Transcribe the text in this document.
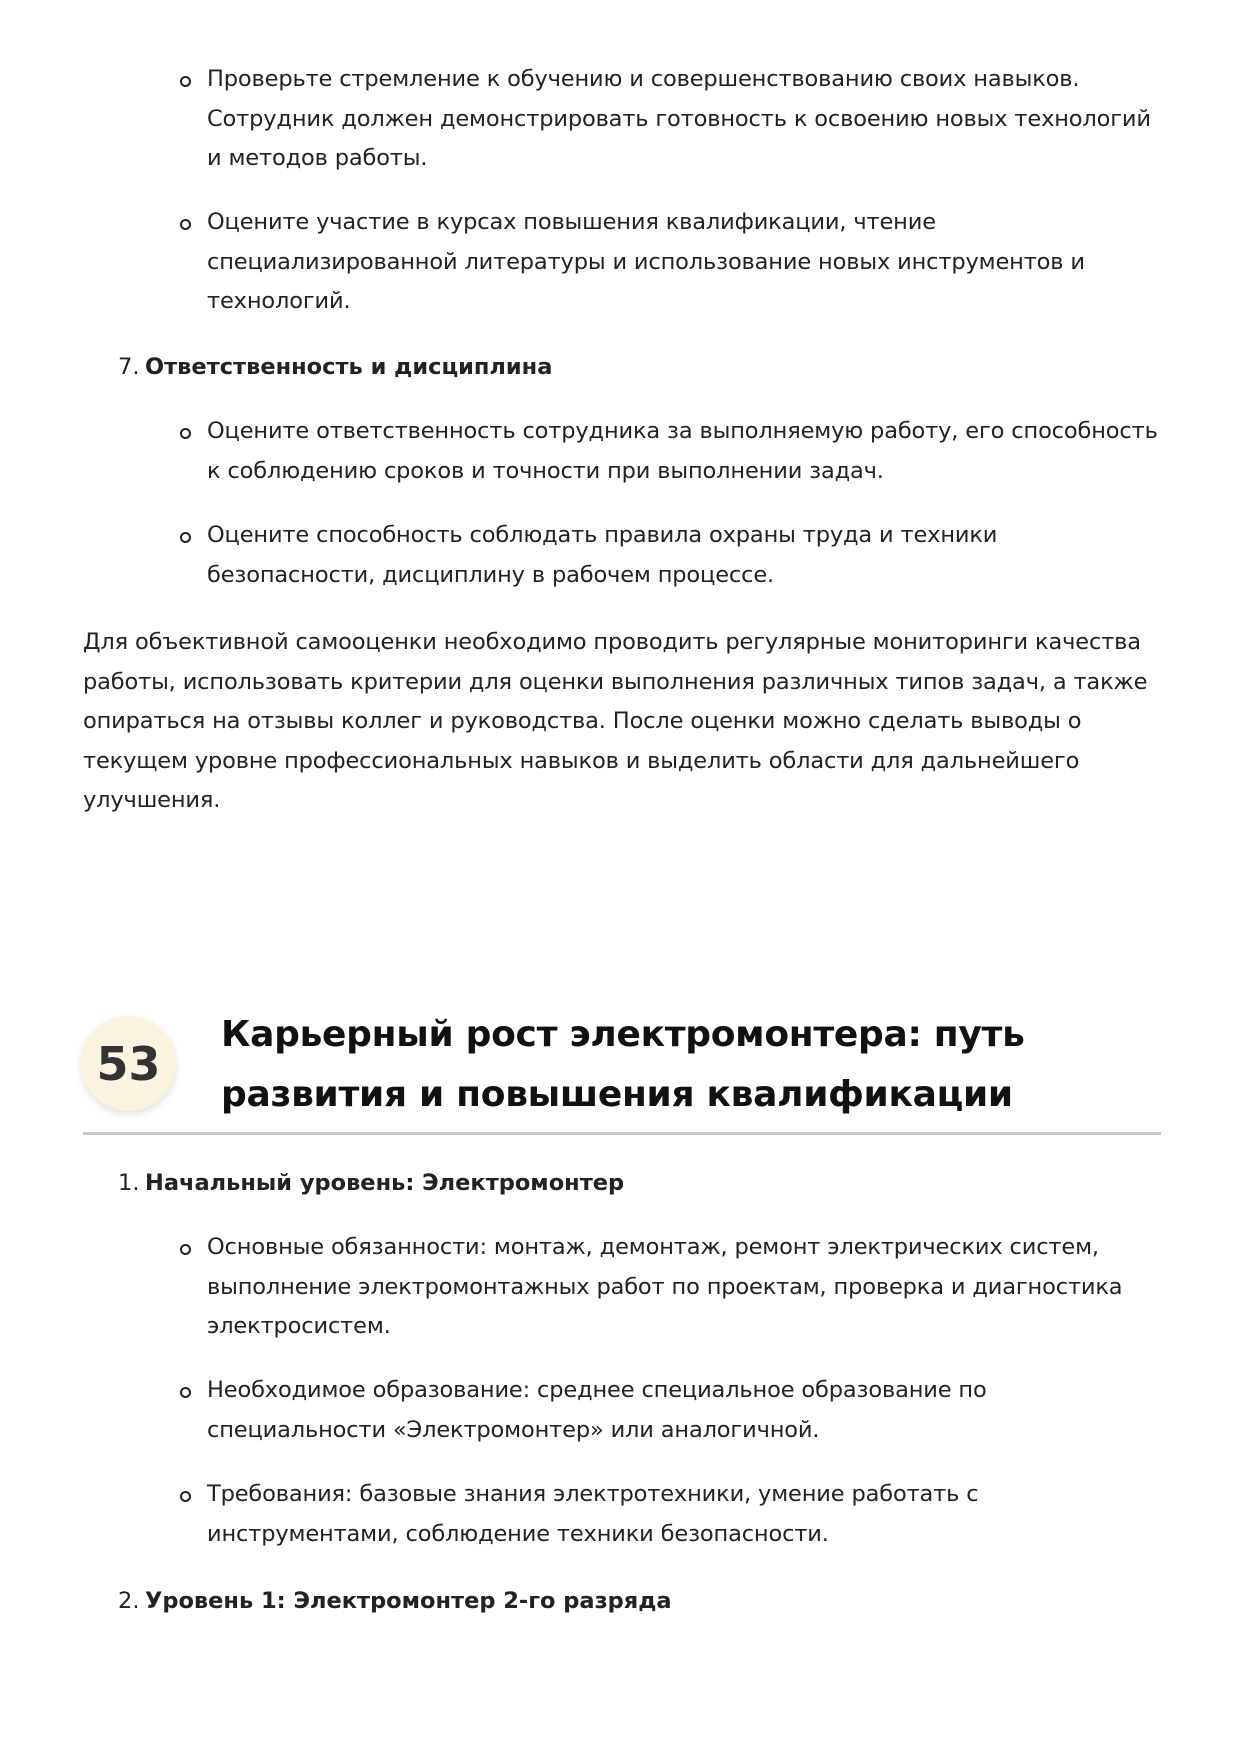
Проверьте стремление к обучению и совершенствованию своих навыков. Сотрудник должен демонстрировать готовность к освоению новых технологий и методов работы.
Оцените участие в курсах повышения квалификации, чтение специализированной литературы и использование новых инструментов и технологий.
7. Ответственность и дисциплина
Оцените ответственность сотрудника за выполняемую работу, его способность к соблюдению сроков и точности при выполнении задач.
Оцените способность соблюдать правила охраны труда и техники безопасности, дисциплину в рабочем процессе.
Для объективной самооценки необходимо проводить регулярные мониторинги качества работы, использовать критерии для оценки выполнения различных типов задач, а также опираться на отзывы коллег и руководства. После оценки можно сделать выводы о текущем уровне профессиональных навыков и выделить области для дальнейшего улучшения.
53
Карьерный рост электромонтера: путь развития и повышения квалификации
1. Начальный уровень: Электромонтер
Основные обязанности: монтаж, демонтаж, ремонт электрических систем, выполнение электромонтажных работ по проектам, проверка и диагностика электросистем.
Необходимое образование: среднее специальное образование по специальности «Электромонтер» или аналогичной.
Требования: базовые знания электротехники, умение работать с инструментами, соблюдение техники безопасности.
2. Уровень 1: Электромонтер 2-го разряда
